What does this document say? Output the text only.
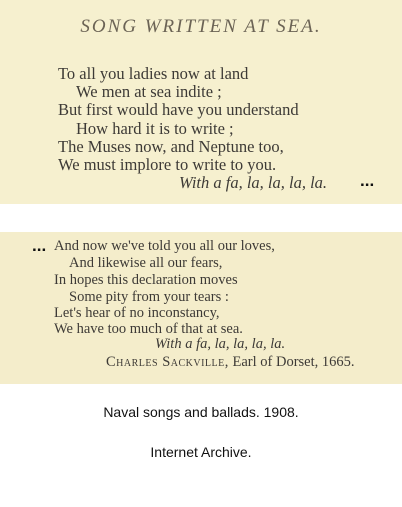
SONG WRITTEN AT SEA.
To all you ladies now at land
We men at sea indite ;
But first would have you understand
How hard it is to write ;
The Muses now, and Neptune too,
We must implore to write to you.
With a fa, la, la, la, la. ...
... And now we've told you all our loves,
And likewise all our fears,
In hopes this declaration moves
Some pity from your tears :
Let's hear of no inconstancy,
We have too much of that at sea.
With a fa, la, la, la, la.
Charles Sackville, Earl of Dorset, 1665.
Naval songs and ballads. 1908.
Internet Archive.
